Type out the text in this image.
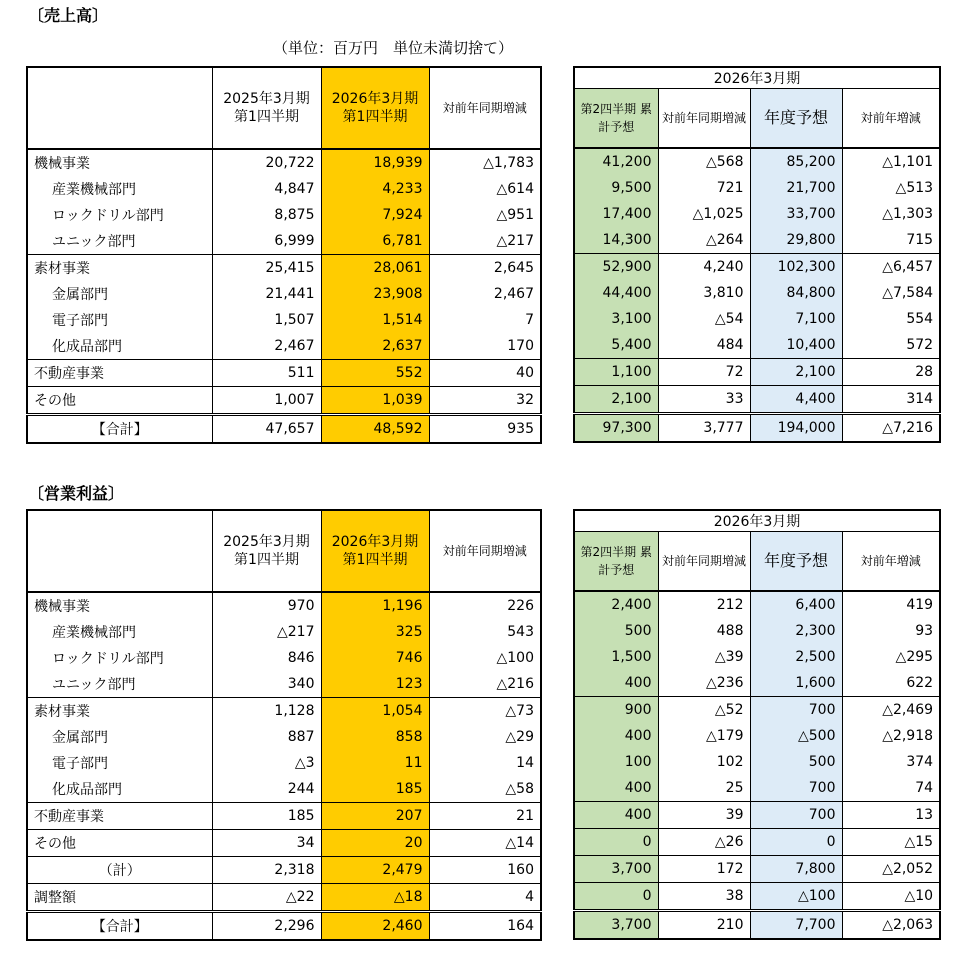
〔売上高〕
（単位：百万円　単位未満切捨て）
	2025年3月期 第1四半期	2026年3月期 第1四半期	対前年同期増減
機械事業	20,722	18,939	△1,783
産業機械部門	4,847	4,233	△614
ロックドリル部門	8,875	7,924	△951
ユニック部門	6,999	6,781	△217
素材事業	25,415	28,061	2,645
金属部門	21,441	23,908	2,467
電子部門	1,507	1,514	7
化成品部門	2,467	2,637	170
不動産事業	511	552	40
その他	1,007	1,039	32
【合計】	47,657	48,592	935
2026年3月期			
第2四半期 累計予想	対前年同期増減	年度予想	対前年増減
41,200	△568	85,200	△1,101
9,500	721	21,700	△513
17,400	△1,025	33,700	△1,303
14,300	△264	29,800	715
52,900	4,240	102,300	△6,457
44,400	3,810	84,800	△7,584
3,100	△54	7,100	554
5,400	484	10,400	572
1,100	72	2,100	28
2,100	33	4,400	314
97,300	3,777	194,000	△7,216
〔営業利益〕
	2025年3月期 第1四半期	2026年3月期 第1四半期	対前年同期増減
機械事業	970	1,196	226
産業機械部門	△217	325	543
ロックドリル部門	846	746	△100
ユニック部門	340	123	△216
素材事業	1,128	1,054	△73
金属部門	887	858	△29
電子部門	△3	11	14
化成品部門	244	185	△58
不動産事業	185	207	21
その他	34	20	△14
（計）	2,318	2,479	160
調整額	△22	△18	4
【合計】	2,296	2,460	164
2026年3月期			
第2四半期 累計予想	対前年同期増減	年度予想	対前年増減
2,400	212	6,400	419
500	488	2,300	93
1,500	△39	2,500	△295
400	△236	1,600	622
900	△52	700	△2,469
400	△179	△500	△2,918
100	102	500	374
400	25	700	74
400	39	700	13
0	△26	0	△15
3,700	172	7,800	△2,052
0	38	△100	△10
3,700	210	7,700	△2,063
